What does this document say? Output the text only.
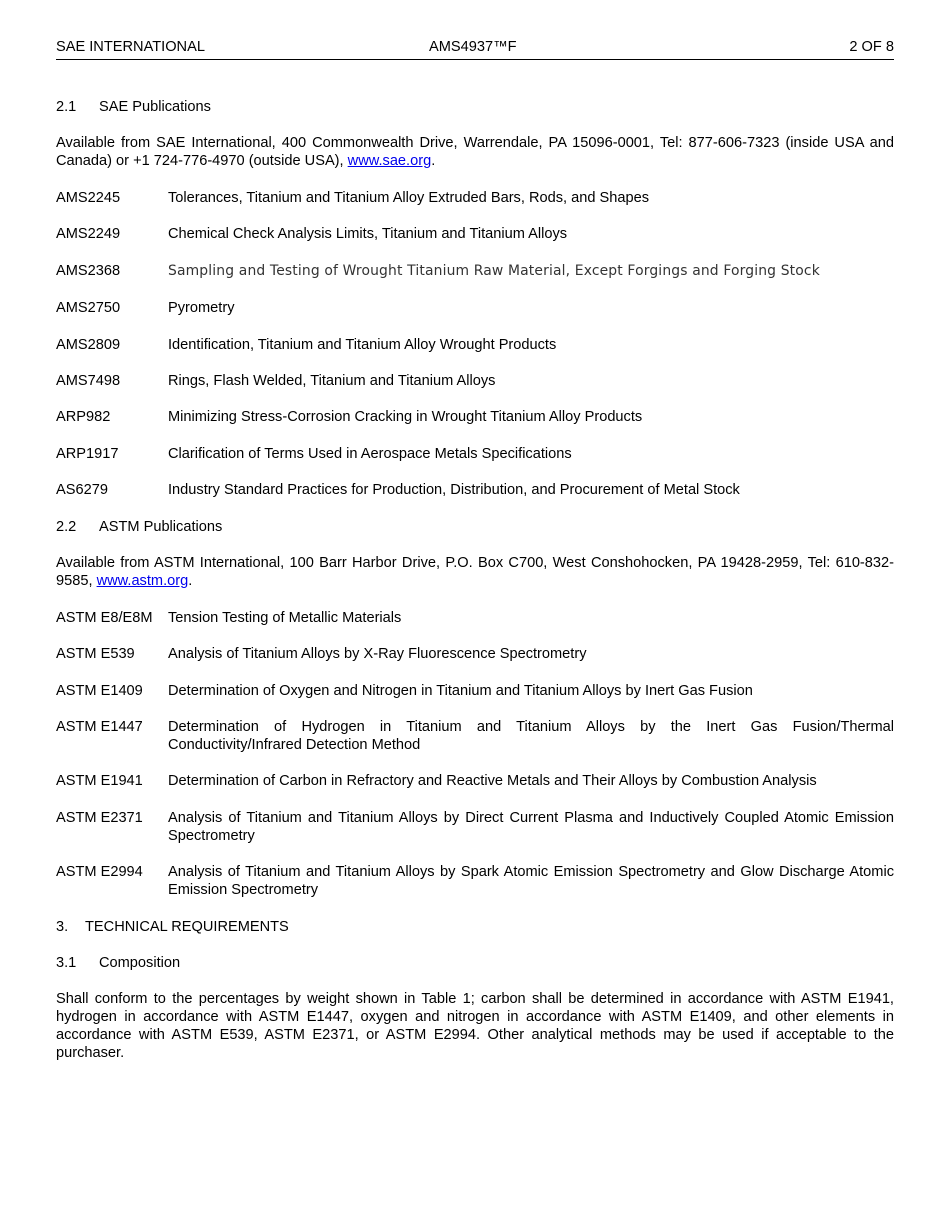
SAE INTERNATIONAL	AMS4937™F	2 OF 8
2.1 SAE Publications
Available from SAE International, 400 Commonwealth Drive, Warrendale, PA 15096-0001, Tel: 877-606-7323 (inside USA and Canada) or +1 724-776-4970 (outside USA), www.sae.org.
AMS2245	Tolerances, Titanium and Titanium Alloy Extruded Bars, Rods, and Shapes
AMS2249	Chemical Check Analysis Limits, Titanium and Titanium Alloys
AMS2368	Sampling and Testing of Wrought Titanium Raw Material, Except Forgings and Forging Stock
AMS2750	Pyrometry
AMS2809	Identification, Titanium and Titanium Alloy Wrought Products
AMS7498	Rings, Flash Welded, Titanium and Titanium Alloys
ARP982	Minimizing Stress-Corrosion Cracking in Wrought Titanium Alloy Products
ARP1917	Clarification of Terms Used in Aerospace Metals Specifications
AS6279	Industry Standard Practices for Production, Distribution, and Procurement of Metal Stock
2.2 ASTM Publications
Available from ASTM International, 100 Barr Harbor Drive, P.O. Box C700, West Conshohocken, PA 19428-2959, Tel: 610-832-9585, www.astm.org.
ASTM E8/E8M Tension Testing of Metallic Materials
ASTM E539 Analysis of Titanium Alloys by X-Ray Fluorescence Spectrometry
ASTM E1409 Determination of Oxygen and Nitrogen in Titanium and Titanium Alloys by Inert Gas Fusion
ASTM E1447 Determination of Hydrogen in Titanium and Titanium Alloys by the Inert Gas Fusion/Thermal Conductivity/Infrared Detection Method
ASTM E1941 Determination of Carbon in Refractory and Reactive Metals and Their Alloys by Combustion Analysis
ASTM E2371 Analysis of Titanium and Titanium Alloys by Direct Current Plasma and Inductively Coupled Atomic Emission Spectrometry
ASTM E2994 Analysis of Titanium and Titanium Alloys by Spark Atomic Emission Spectrometry and Glow Discharge Atomic Emission Spectrometry
3. TECHNICAL REQUIREMENTS
3.1 Composition
Shall conform to the percentages by weight shown in Table 1; carbon shall be determined in accordance with ASTM E1941, hydrogen in accordance with ASTM E1447, oxygen and nitrogen in accordance with ASTM E1409, and other elements in accordance with ASTM E539, ASTM E2371, or ASTM E2994. Other analytical methods may be used if acceptable to the purchaser.
